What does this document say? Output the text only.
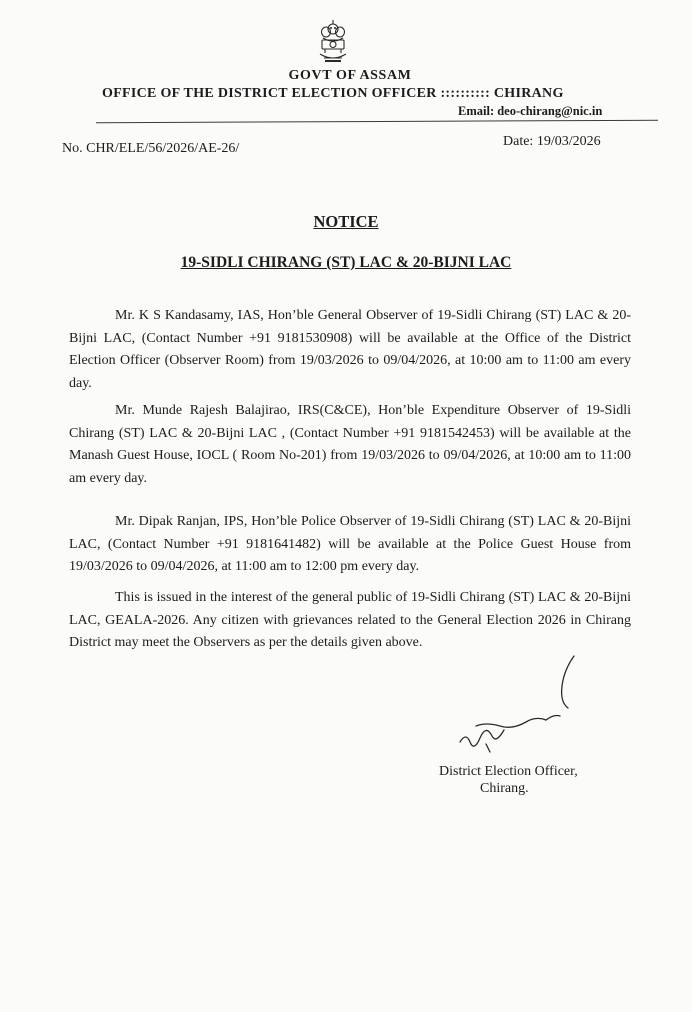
GOVT OF ASSAM
OFFICE OF THE DISTRICT ELECTION OFFICER :::::::::: CHIRANG
Email: deo-chirang@nic.in
No. CHR/ELE/56/2026/AE-26/	Date: 19/03/2026
NOTICE
19-SIDLI CHIRANG (ST) LAC & 20-BIJNI LAC

Mr. K S Kandasamy, IAS, Hon’ble General Observer of 19-Sidli Chirang (ST) LAC & 20-Bijni LAC, (Contact Number +91 9181530908) will be available at the Office of the District Election Officer (Observer Room) from 19/03/2026 to 09/04/2026, at 10:00 am to 11:00 am every day.

Mr. Munde Rajesh Balajirao, IRS(C&CE), Hon’ble Expenditure Observer of 19-Sidli Chirang (ST) LAC & 20-Bijni LAC , (Contact Number +91 9181542453) will be available at the Manash Guest House, IOCL ( Room No-201) from 19/03/2026 to 09/04/2026, at 10:00 am to 11:00 am every day.

Mr. Dipak Ranjan, IPS, Hon’ble Police Observer of 19-Sidli Chirang (ST) LAC & 20-Bijni LAC, (Contact Number +91 9181641482) will be available at the Police Guest House from 19/03/2026 to 09/04/2026, at 11:00 am to 12:00 pm every day.

This is issued in the interest of the general public of 19-Sidli Chirang (ST) LAC & 20-Bijni LAC, GEALA-2026. Any citizen with grievances related to the General Election 2026 in Chirang District may meet the Observers as per the details given above.

District Election Officer,
Chirang.
